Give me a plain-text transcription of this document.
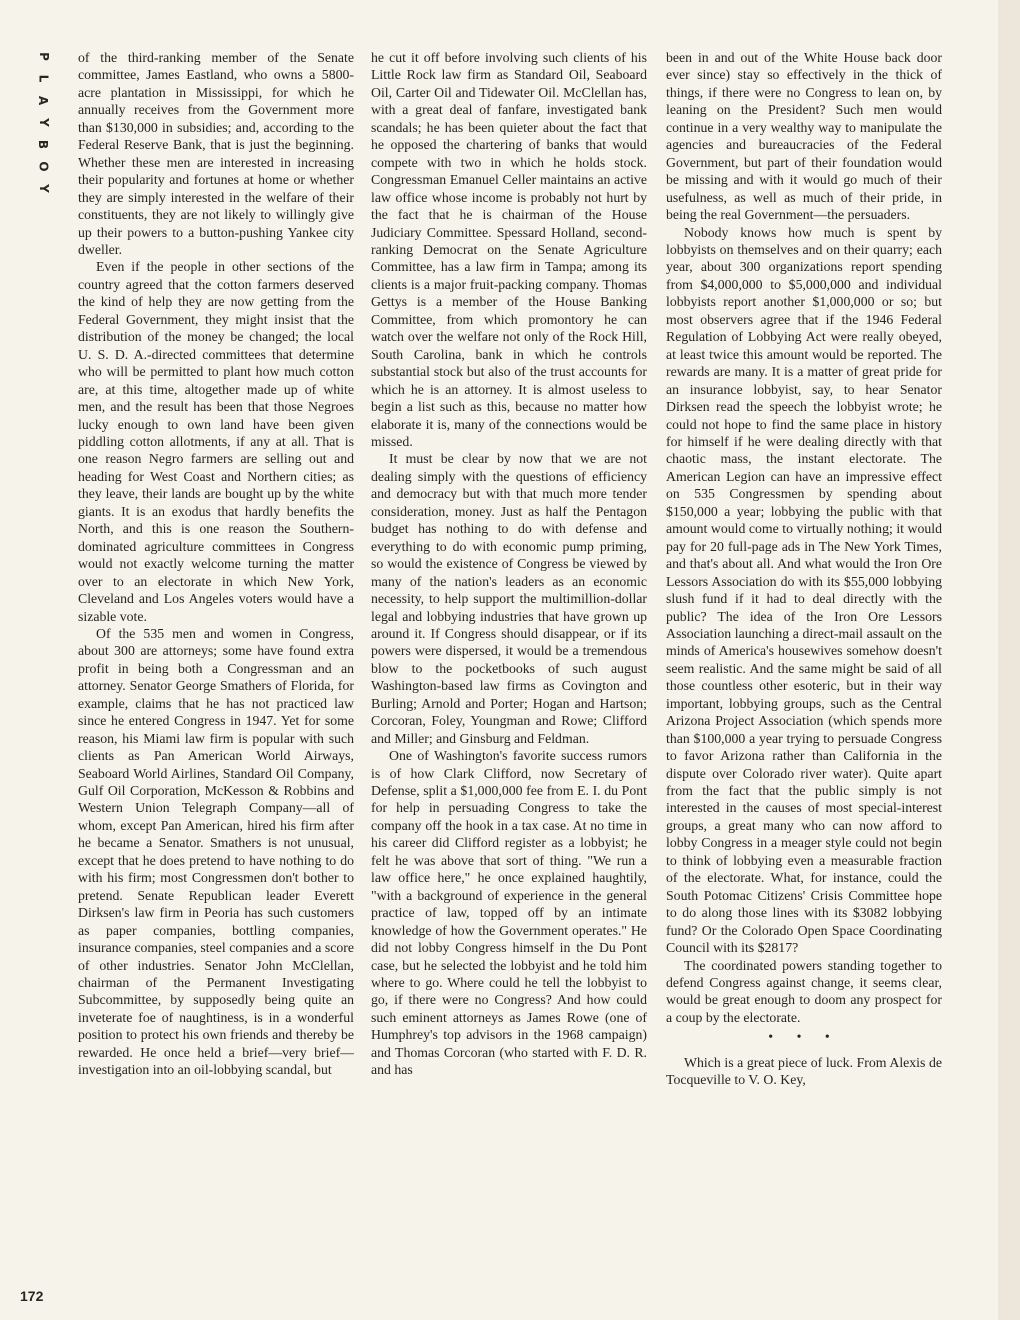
P
L
A
Y
B
O
Y

of the third-ranking member of the Senate committee, James Eastland, who owns a 5800-acre plantation in Mississippi, for which he annually receives from the Government more than $130,000 in subsidies; and, according to the Federal Reserve Bank, that is just the beginning. Whether these men are interested in increasing their popularity and fortunes at home or whether they are simply interested in the welfare of their constituents, they are not likely to willingly give up their powers to a button-pushing Yankee city dweller.

Even if the people in other sections of the country agreed that the cotton farmers deserved the kind of help they are now getting from the Federal Government, they might insist that the distribution of the money be changed; the local U. S. D. A.-directed committees that determine who will be permitted to plant how much cotton are, at this time, altogether made up of white men, and the result has been that those Negroes lucky enough to own land have been given piddling cotton allotments, if any at all. That is one reason Negro farmers are selling out and heading for West Coast and Northern cities; as they leave, their lands are bought up by the white giants. It is an exodus that hardly benefits the North, and this is one reason the Southern-dominated agriculture committees in Congress would not exactly welcome turning the matter over to an electorate in which New York, Cleveland and Los Angeles voters would have a sizable vote.

Of the 535 men and women in Congress, about 300 are attorneys; some have found extra profit in being both a Congressman and an attorney. Senator George Smathers of Florida, for example, claims that he has not practiced law since he entered Congress in 1947. Yet for some reason, his Miami law firm is popular with such clients as Pan American World Airways, Seaboard World Airlines, Standard Oil Company, Gulf Oil Corporation, McKesson & Robbins and Western Union Telegraph Company—all of whom, except Pan American, hired his firm after he became a Senator. Smathers is not unusual, except that he does pretend to have nothing to do with his firm; most Congressmen don't bother to pretend. Senate Republican leader Everett Dirksen's law firm in Peoria has such customers as paper companies, bottling companies, insurance companies, steel companies and a score of other industries. Senator John McClellan, chairman of the Permanent Investigating Subcommittee, by supposedly being quite an inveterate foe of naughtiness, is in a wonderful position to protect his own friends and thereby be rewarded. He once held a brief—very brief—investigation into an oil-lobbying scandal, but

he cut it off before involving such clients of his Little Rock law firm as Standard Oil, Seaboard Oil, Carter Oil and Tidewater Oil. McClellan has, with a great deal of fanfare, investigated bank scandals; he has been quieter about the fact that he opposed the chartering of banks that would compete with two in which he holds stock. Congressman Emanuel Celler maintains an active law office whose income is probably not hurt by the fact that he is chairman of the House Judiciary Committee. Spessard Holland, second-ranking Democrat on the Senate Agriculture Committee, has a law firm in Tampa; among its clients is a major fruit-packing company. Thomas Gettys is a member of the House Banking Committee, from which promontory he can watch over the welfare not only of the Rock Hill, South Carolina, bank in which he controls substantial stock but also of the trust accounts for which he is an attorney. It is almost useless to begin a list such as this, because no matter how elaborate it is, many of the connections would be missed.

It must be clear by now that we are not dealing simply with the questions of efficiency and democracy but with that much more tender consideration, money. Just as half the Pentagon budget has nothing to do with defense and everything to do with economic pump priming, so would the existence of Congress be viewed by many of the nation's leaders as an economic necessity, to help support the multimillion-dollar legal and lobbying industries that have grown up around it. If Congress should disappear, or if its powers were dispersed, it would be a tremendous blow to the pocketbooks of such august Washington-based law firms as Covington and Burling; Arnold and Porter; Hogan and Hartson; Corcoran, Foley, Youngman and Rowe; Clifford and Miller; and Ginsburg and Feldman.

One of Washington's favorite success rumors is of how Clark Clifford, now Secretary of Defense, split a $1,000,000 fee from E. I. du Pont for help in persuading Congress to take the company off the hook in a tax case. At no time in his career did Clifford register as a lobbyist; he felt he was above that sort of thing. "We run a law office here," he once explained haughtily, "with a background of experience in the general practice of law, topped off by an intimate knowledge of how the Government operates." He did not lobby Congress himself in the Du Pont case, but he selected the lobbyist and he told him where to go. Where could he tell the lobbyist to go, if there were no Congress? And how could such eminent attorneys as James Rowe (one of Humphrey's top advisors in the 1968 campaign) and Thomas Corcoran (who started with F. D. R. and has

been in and out of the White House back door ever since) stay so effectively in the thick of things, if there were no Congress to lean on, by leaning on the President? Such men would continue in a very wealthy way to manipulate the agencies and bureaucracies of the Federal Government, but part of their foundation would be missing and with it would go much of their usefulness, as well as much of their pride, in being the real Government—the persuaders.

Nobody knows how much is spent by lobbyists on themselves and on their quarry; each year, about 300 organizations report spending from $4,000,000 to $5,000,000 and individual lobbyists report another $1,000,000 or so; but most observers agree that if the 1946 Federal Regulation of Lobbying Act were really obeyed, at least twice this amount would be reported. The rewards are many. It is a matter of great pride for an insurance lobbyist, say, to hear Senator Dirksen read the speech the lobbyist wrote; he could not hope to find the same place in history for himself if he were dealing directly with that chaotic mass, the instant electorate. The American Legion can have an impressive effect on 535 Congressmen by spending about $150,000 a year; lobbying the public with that amount would come to virtually nothing; it would pay for 20 full-page ads in The New York Times, and that's about all. And what would the Iron Ore Lessors Association do with its $55,000 lobbying slush fund if it had to deal directly with the public? The idea of the Iron Ore Lessors Association launching a direct-mail assault on the minds of America's housewives somehow doesn't seem realistic. And the same might be said of all those countless other esoteric, but in their way important, lobbying groups, such as the Central Arizona Project Association (which spends more than $100,000 a year trying to persuade Congress to favor Arizona rather than California in the dispute over Colorado river water). Quite apart from the fact that the public simply is not interested in the causes of most special-interest groups, a great many who can now afford to lobby Congress in a meager style could not begin to think of lobbying even a measurable fraction of the electorate. What, for instance, could the South Potomac Citizens' Crisis Committee hope to do along those lines with its $3082 lobbying fund? Or the Colorado Open Space Coordinating Council with its $2817?

The coordinated powers standing together to defend Congress against change, it seems clear, would be great enough to doom any prospect for a coup by the electorate.

• • •

Which is a great piece of luck. From Alexis de Tocqueville to V. O. Key,

172
